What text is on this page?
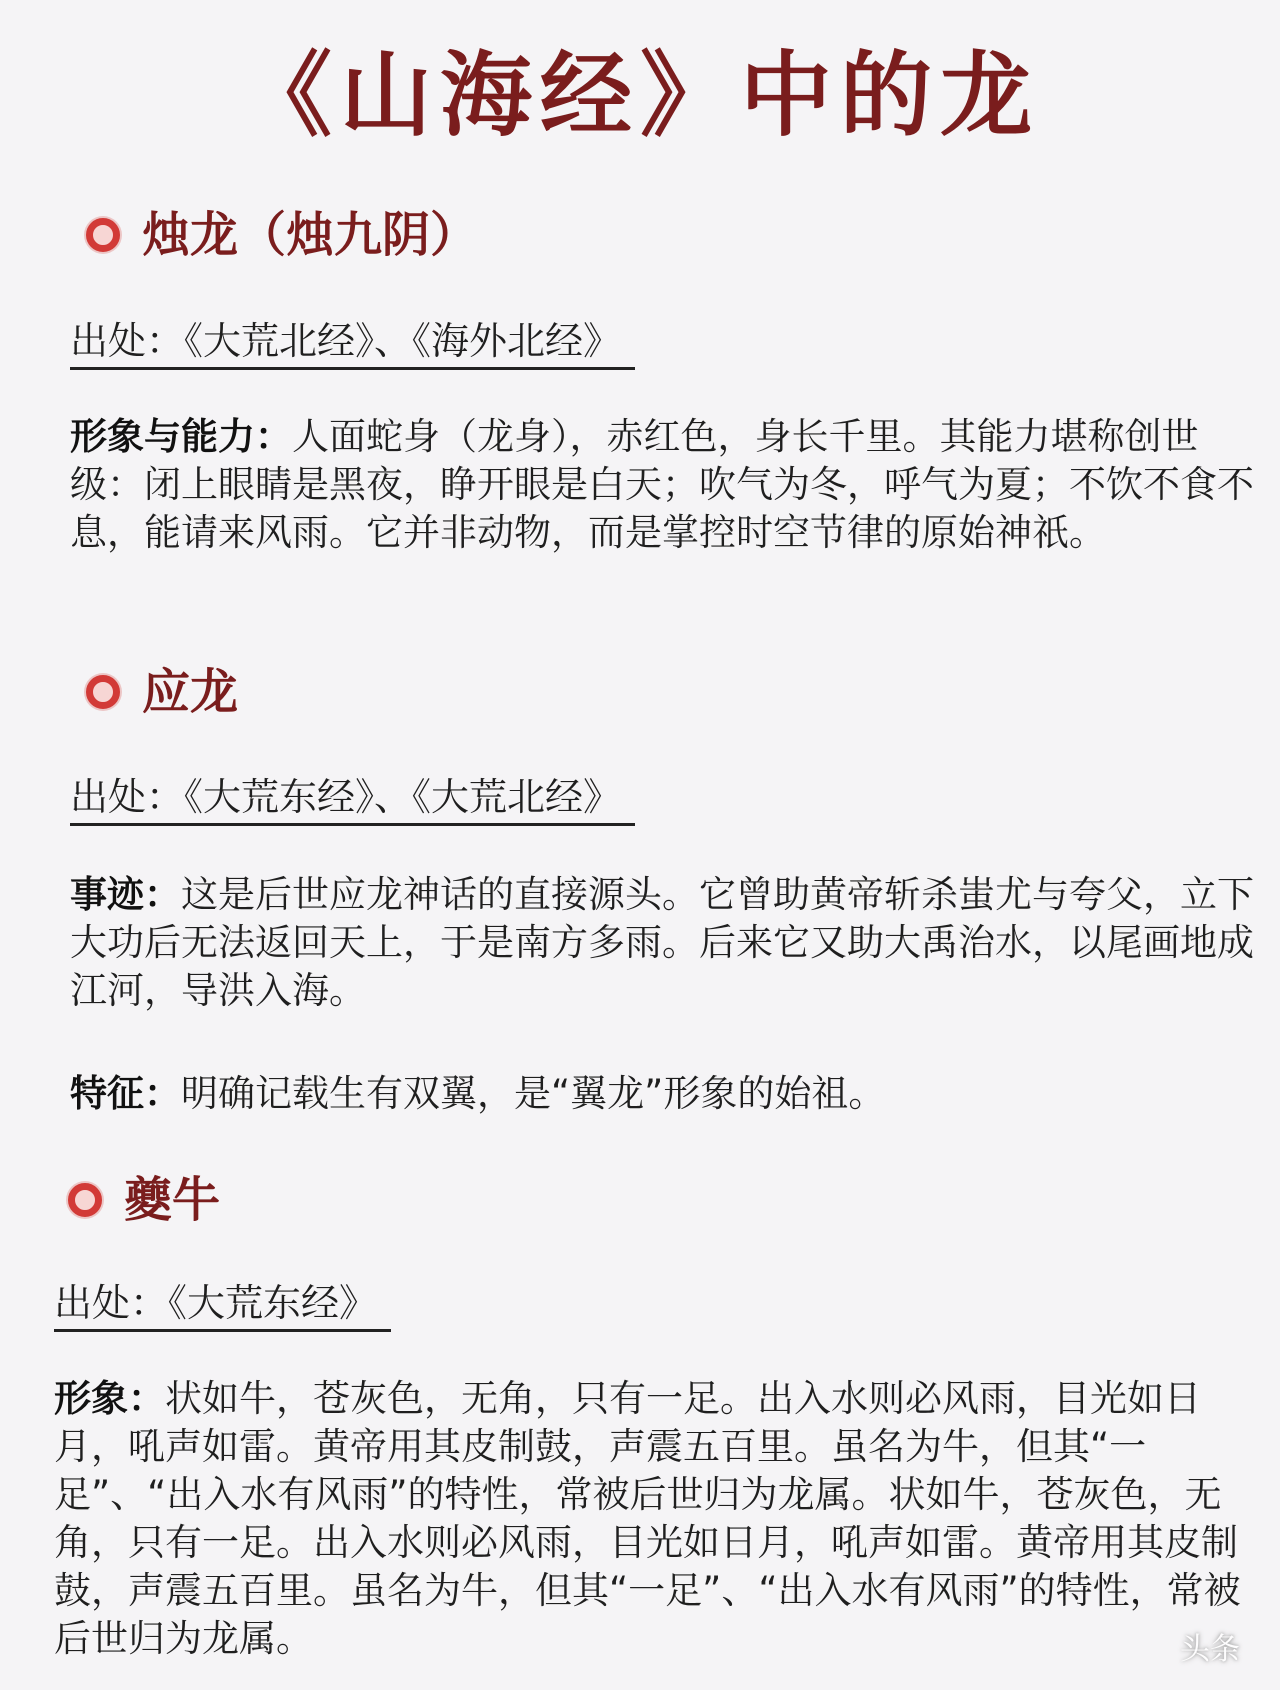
《山海经》中的龙
烛龙（烛九阴）
出处：《大荒北经》、《海外北经》
形象与能力：人面蛇身（龙身），赤红色，身长千里。其能力堪称创世级：闭上眼睛是黑夜，睁开眼是白天；吹气为冬，呼气为夏；不饮不食不息，能请来风雨。它并非动物，而是掌控时空节律的原始神祇。
应龙
出处：《大荒东经》、《大荒北经》
事迹：这是后世应龙神话的直接源头。它曾助黄帝斩杀蚩尤与夸父，立下大功后无法返回天上，于是南方多雨。后来它又助大禹治水，以尾画地成江河，导洪入海。
特征：明确记载生有双翼，是“翼龙”形象的始祖。
夔牛
出处：《大荒东经》
形象：状如牛，苍灰色，无角，只有一足。出入水则必风雨，目光如日月，吼声如雷。黄帝用其皮制鼓，声震五百里。虽名为牛，但其“一足”、“出入水有风雨”的特性，常被后世归为龙属。状如牛，苍灰色，无角，只有一足。出入水则必风雨，目光如日月，吼声如雷。黄帝用其皮制鼓，声震五百里。虽名为牛，但其“一足”、“出入水有风雨”的特性，常被后世归为龙属。	头条
